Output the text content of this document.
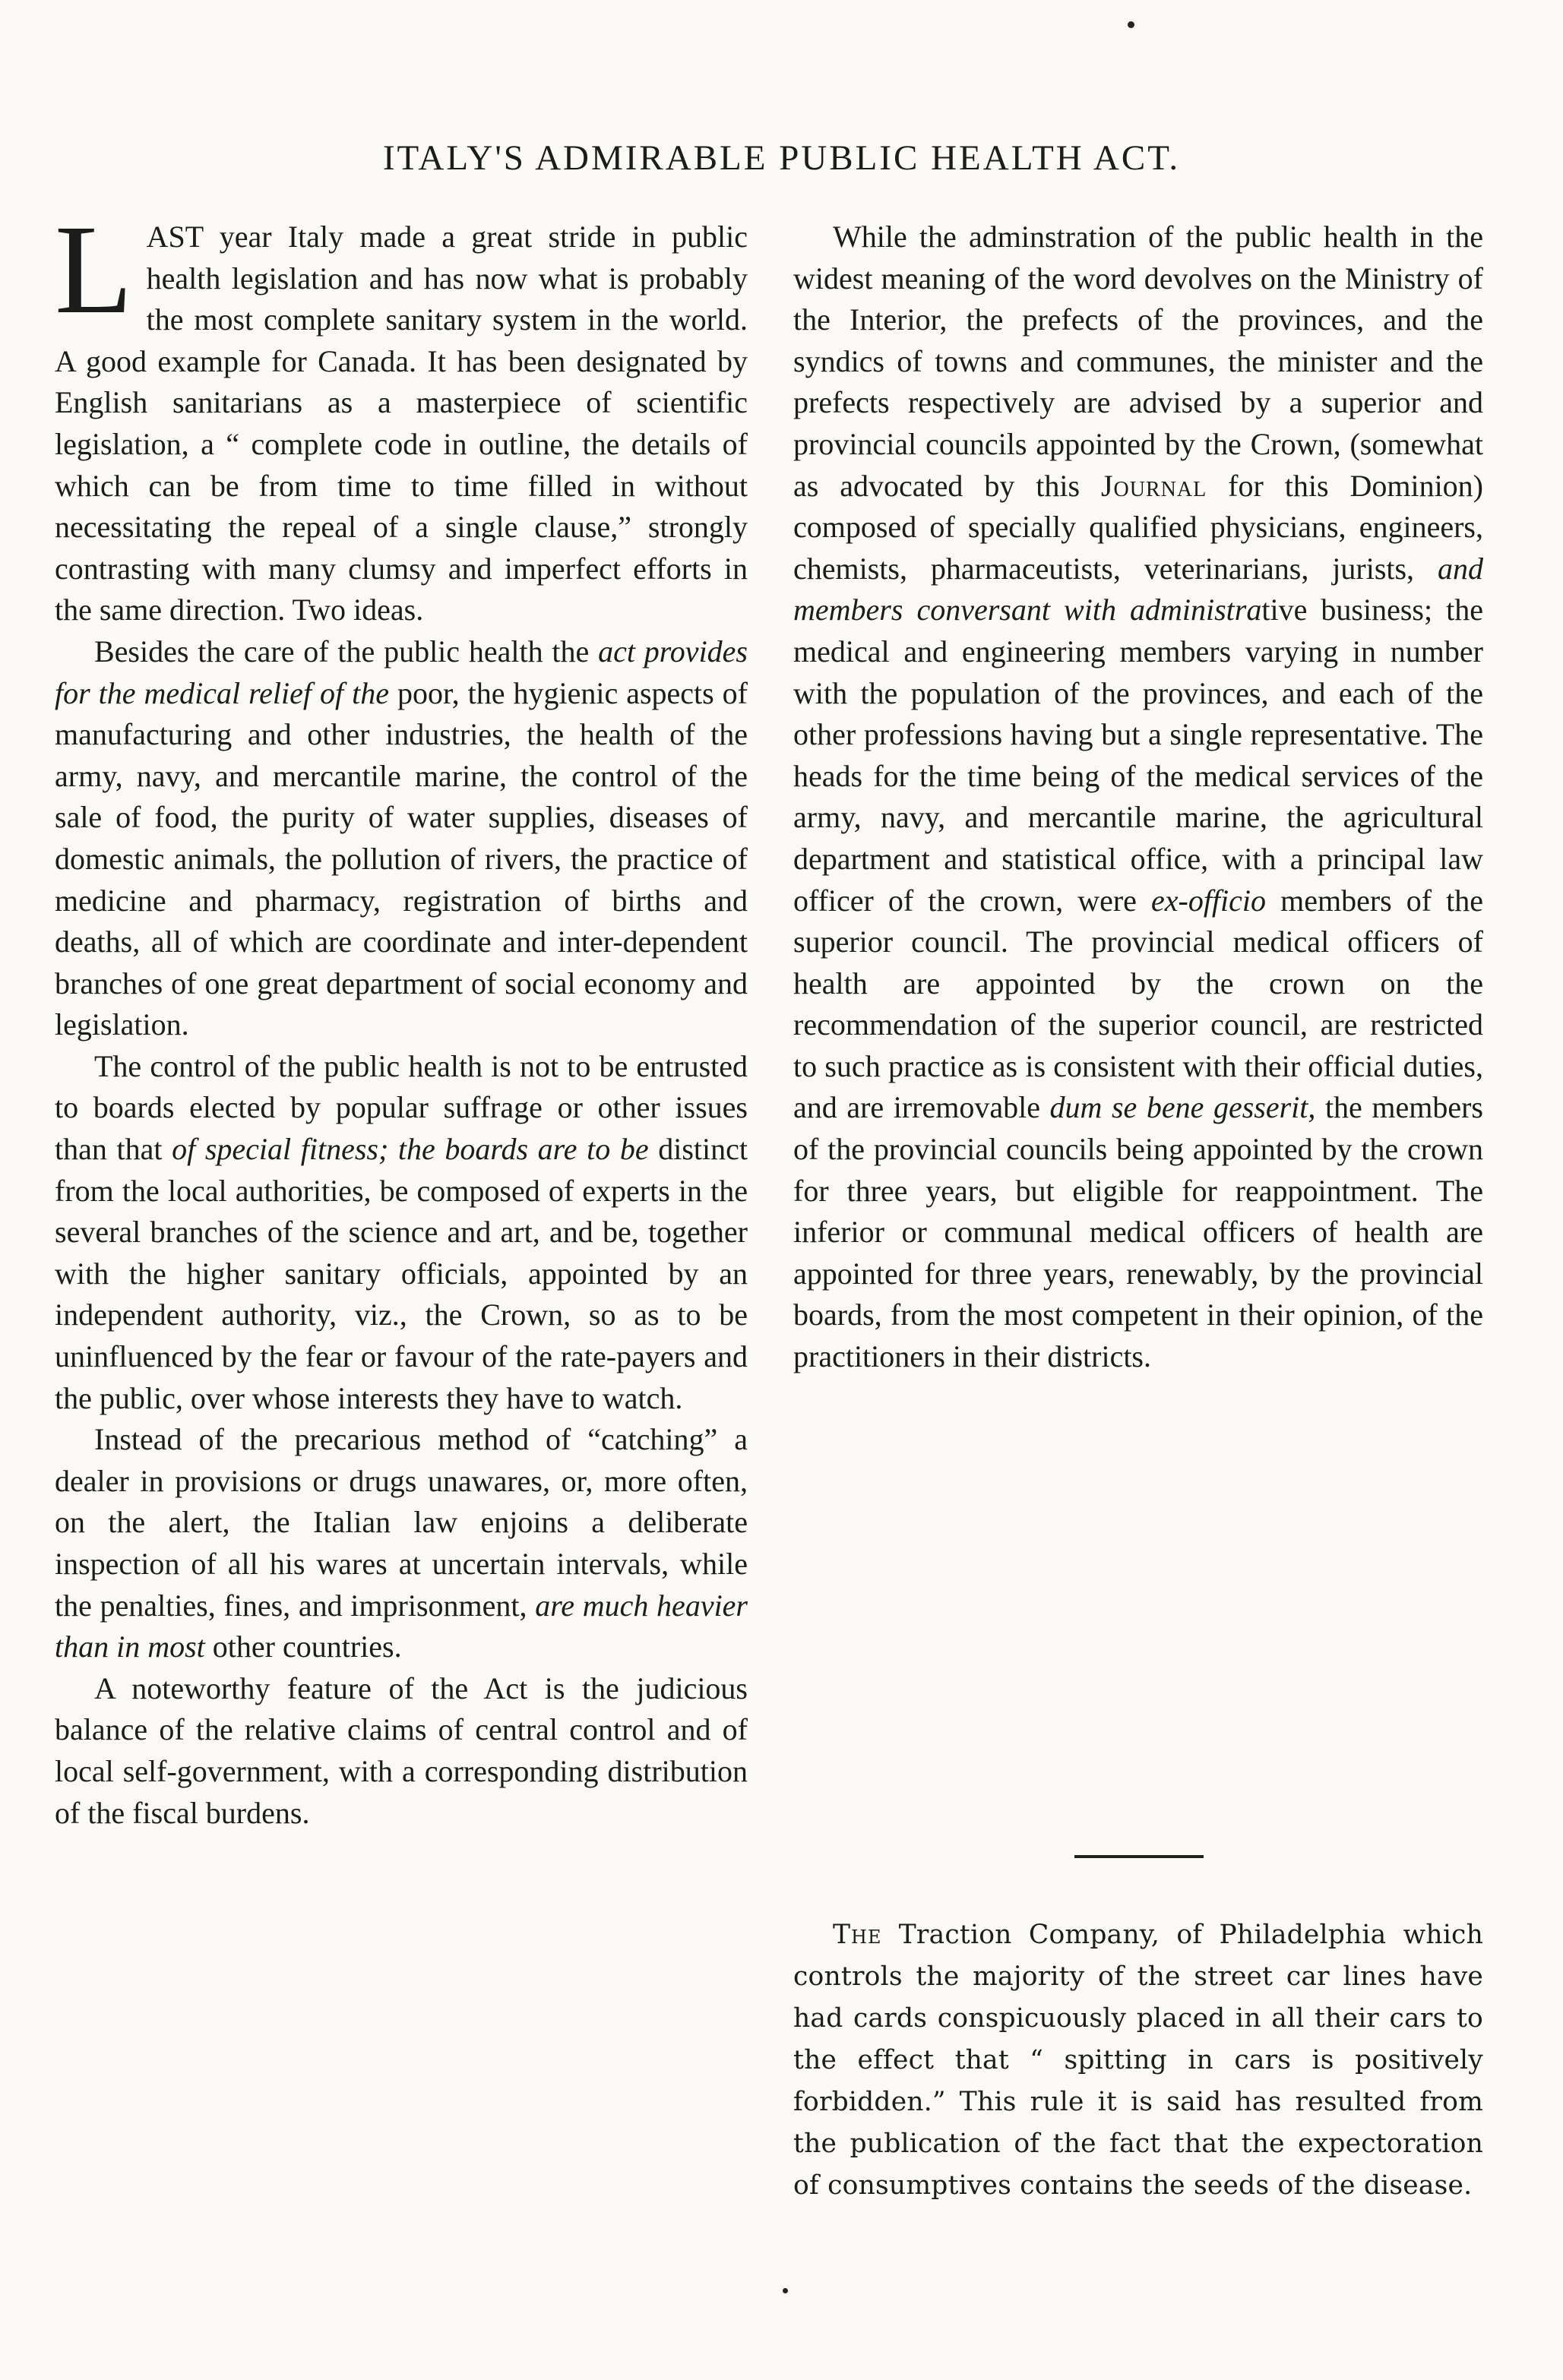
ITALY'S ADMIRABLE PUBLIC HEALTH ACT.

LAST year Italy made a great stride in public health legislation and has now what is probably the most complete sanitary system in the world. A good example for Canada. It has been designated by English sanitarians as a masterpiece of scientific legislation, a “ complete code in outline, the details of which can be from time to time filled in without necessitating the repeal of a single clause,” strongly contrasting with many clumsy and imperfect efforts in the same direction. Two ideas.

Besides the care of the public health the act provides for the medical relief of the poor, the hygienic aspects of manufacturing and other industries, the health of the army, navy, and mercantile marine, the control of the sale of food, the purity of water supplies, diseases of domestic animals, the pollution of rivers, the practice of medicine and pharmacy, registration of births and deaths, all of which are coordinate and inter-dependent branches of one great department of social economy and legislation.

The control of the public health is not to be entrusted to boards elected by popular suffrage or other issues than that of special fitness; the boards are to be distinct from the local authorities, be composed of experts in the several branches of the science and art, and be, together with the higher sanitary officials, appointed by an independent authority, viz., the Crown, so as to be uninfluenced by the fear or favour of the rate-payers and the public, over whose interests they have to watch.

Instead of the precarious method of “catching” a dealer in provisions or drugs unawares, or, more often, on the alert, the Italian law enjoins a deliberate inspection of all his wares at uncertain intervals, while the penalties, fines, and imprisonment, are much heavier than in most other countries.

A noteworthy feature of the Act is the judicious balance of the relative claims of central control and of local self-government, with a corresponding distribution of the fiscal burdens.

While the adminstration of the public health in the widest meaning of the word devolves on the Ministry of the Interior, the prefects of the provinces, and the syndics of towns and communes, the minister and the prefects respectively are advised by a superior and provincial councils appointed by the Crown, (somewhat as advocated by this Journal for this Dominion) composed of specially qualified physicians, engineers, chemists, pharmaceutists, veterinarians, jurists, and members conversant with administrative business; the medical and engineering members varying in number with the population of the provinces, and each of the other professions having but a single representative. The heads for the time being of the medical services of the army, navy, and mercantile marine, the agricultural department and statistical office, with a principal law officer of the crown, were ex-officio members of the superior council. The provincial medical officers of health are appointed by the crown on the recommendation of the superior council, are restricted to such practice as is consistent with their official duties, and are irremovable dum se bene gesserit, the members of the provincial councils being appointed by the crown for three years, but eligible for reappointment. The inferior or communal medical officers of health are appointed for three years, renewably, by the provincial boards, from the most competent in their opinion, of the practitioners in their districts.

The Traction Company, of Philadelphia which controls the majority of the street car lines have had cards conspicuously placed in all their cars to the effect that “ spitting in cars is positively forbidden.” This rule it is said has resulted from the publication of the fact that the expectoration of consumptives contains the seeds of the disease.
